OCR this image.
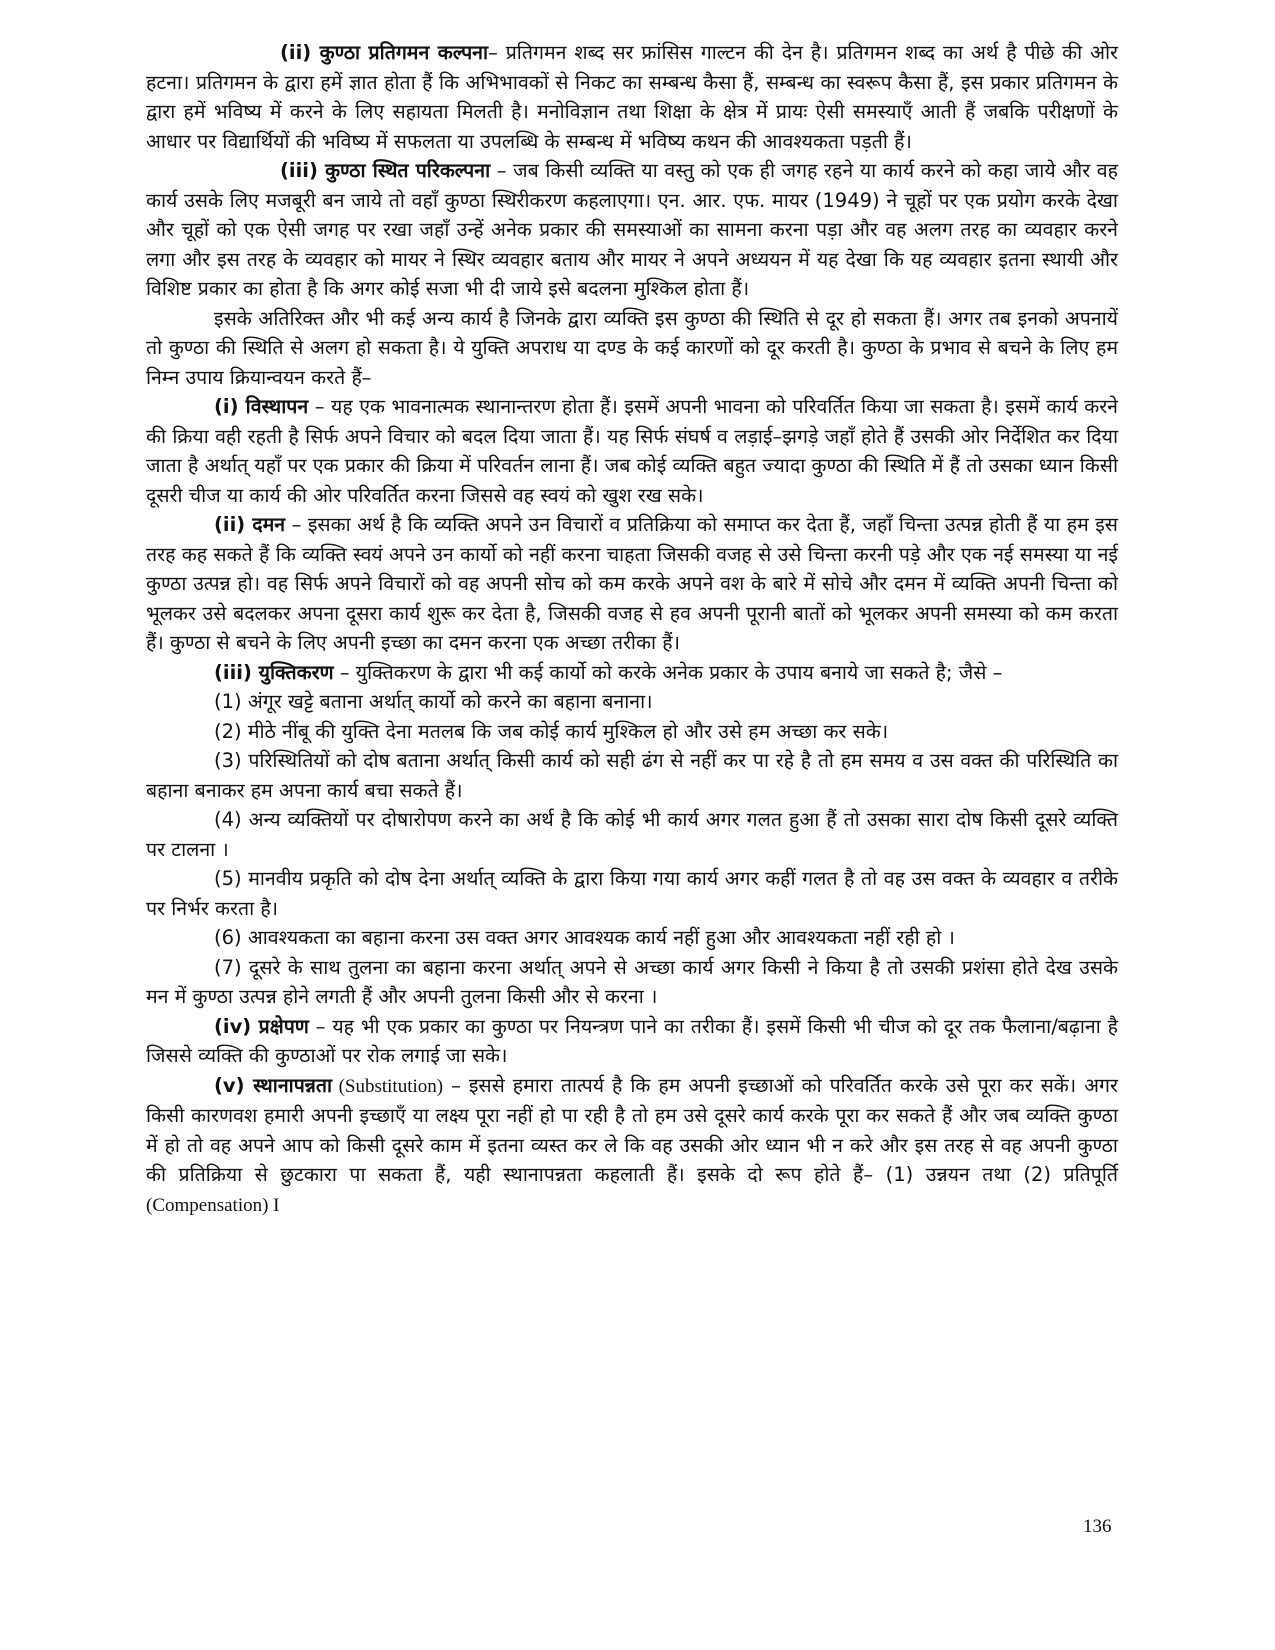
(ii) कुण्ठा प्रतिगमन कल्पना– प्रतिगमन शब्द सर फ्रांसिस गाल्टन की देन है। प्रतिगमन शब्द का अर्थ है पीछे की ओर हटना। प्रतिगमन के द्वारा हमें ज्ञात होता हैं कि अभिभावकों से निकट का सम्बन्ध कैसा हैं, सम्बन्ध का स्वरूप कैसा हैं, इस प्रकार प्रतिगमन के द्वारा हमें भविष्य में करने के लिए सहायता मिलती है। मनोविज्ञान तथा शिक्षा के क्षेत्र में प्रायः ऐसी समस्याएँ आती हैं जबकि परीक्षणों के आधार पर विद्यार्थियों की भविष्य में सफलता या उपलब्धि के सम्बन्ध में भविष्य कथन की आवश्यकता पड़ती हैं।

(iii) कुण्ठा स्थित परिकल्पना – जब किसी व्यक्ति या वस्तु को एक ही जगह रहने या कार्य करने को कहा जाये और वह कार्य उसके लिए मजबूरी बन जाये तो वहाँ कुण्ठा स्थिरीकरण कहलाएगा। एन. आर. एफ. मायर (1949) ने चूहों पर एक प्रयोग करके देखा और चूहों को एक ऐसी जगह पर रखा जहाँ उन्हें अनेक प्रकार की समस्याओं का सामना करना पड़ा और वह अलग तरह का व्यवहार करने लगा और इस तरह के व्यवहार को मायर ने स्थिर व्यवहार बताय और मायर ने अपने अध्ययन में यह देखा कि यह व्यवहार इतना स्थायी और विशिष्ट प्रकार का होता है कि अगर कोई सजा भी दी जाये इसे बदलना मुश्किल होता हैं।

इसके अतिरिक्त और भी कई अन्य कार्य है जिनके द्वारा व्यक्ति इस कुण्ठा की स्थिति से दूर हो सकता हैं। अगर तब इनको अपनायें तो कुण्ठा की स्थिति से अलग हो सकता है। ये युक्ति अपराध या दण्ड के कई कारणों को दूर करती है। कुण्ठा के प्रभाव से बचने के लिए हम निम्न उपाय क्रियान्वयन करते हैं–

(i) विस्थापन – यह एक भावनात्मक स्थानान्तरण होता हैं। इसमें अपनी भावना को परिवर्तित किया जा सकता है। इसमें कार्य करने की क्रिया वही रहती है सिर्फ अपने विचार को बदल दिया जाता हैं। यह सिर्फ संघर्ष व लड़ाई–झगड़े जहाँ होते हैं उसकी ओर निर्देशित कर दिया जाता है अर्थात् यहाँ पर एक प्रकार की क्रिया में परिवर्तन लाना हैं। जब कोई व्यक्ति बहुत ज्यादा कुण्ठा की स्थिति में हैं तो उसका ध्यान किसी दूसरी चीज या कार्य की ओर परिवर्तित करना जिससे वह स्वयं को खुश रख सके।

(ii) दमन – इसका अर्थ है कि व्यक्ति अपने उन विचारों व प्रतिक्रिया को समाप्त कर देता हैं, जहाँ चिन्ता उत्पन्न होती हैं या हम इस तरह कह सकते हैं कि व्यक्ति स्वयं अपने उन कार्यो को नहीं करना चाहता जिसकी वजह से उसे चिन्ता करनी पड़े और एक नई समस्या या नई कुण्ठा उत्पन्न हो। वह सिर्फ अपने विचारों को वह अपनी सोच को कम करके अपने वश के बारे में सोचे और दमन में व्यक्ति अपनी चिन्ता को भूलकर उसे बदलकर अपना दूसरा कार्य शुरू कर देता है, जिसकी वजह से हव अपनी पूरानी बातों को भूलकर अपनी समस्या को कम करता हैं। कुण्ठा से बचने के लिए अपनी इच्छा का दमन करना एक अच्छा तरीका हैं।

(iii) युक्तिकरण – युक्तिकरण के द्वारा भी कई कार्यो को करके अनेक प्रकार के उपाय बनाये जा सकते है; जैसे –

(1) अंगूर खट्टे बताना अर्थात् कार्यो को करने का बहाना बनाना।

(2) मीठे नींबू की युक्ति देना मतलब कि जब कोई कार्य मुश्किल हो और उसे हम अच्छा कर सके।

(3) परिस्थितियों को दोष बताना अर्थात् किसी कार्य को सही ढंग से नहीं कर पा रहे है तो हम समय व उस वक्त की परिस्थिति का बहाना बनाकर हम अपना कार्य बचा सकते हैं।

(4) अन्य व्यक्तियों पर दोषारोपण करने का अर्थ है कि कोई भी कार्य अगर गलत हुआ हैं तो उसका सारा दोष किसी दूसरे व्यक्ति पर टालना ।

(5) मानवीय प्रकृति को दोष देना अर्थात् व्यक्ति के द्वारा किया गया कार्य अगर कहीं गलत है तो वह उस वक्त के व्यवहार व तरीके पर निर्भर करता है।

(6) आवश्यकता का बहाना करना उस वक्त अगर आवश्यक कार्य नहीं हुआ और आवश्यकता नहीं रही हो ।

(7) दूसरे के साथ तुलना का बहाना करना अर्थात् अपने से अच्छा कार्य अगर किसी ने किया है तो उसकी प्रशंसा होते देख उसके मन में कुण्ठा उत्पन्न होने लगती हैं और अपनी तुलना किसी और से करना ।

(iv) प्रक्षेपण – यह भी एक प्रकार का कुण्ठा पर नियन्त्रण पाने का तरीका हैं। इसमें किसी भी चीज को दूर तक फैलाना/बढ़ाना है जिससे व्यक्ति की कुण्ठाओं पर रोक लगाई जा सके।

(v) स्थानापन्नता (Substitution) – इससे हमारा तात्पर्य है कि हम अपनी इच्छाओं को परिवर्तित करके उसे पूरा कर सकें। अगर किसी कारणवश हमारी अपनी इच्छाएँ या लक्ष्य पूरा नहीं हो पा रही है तो हम उसे दूसरे कार्य करके पूरा कर सकते हैं और जब व्यक्ति कुण्ठा में हो तो वह अपने आप को किसी दूसरे काम में इतना व्यस्त कर ले कि वह उसकी ओर ध्यान भी न करे और इस तरह से वह अपनी कुण्ठा की प्रतिक्रिया से छुटकारा पा सकता हैं, यही स्थानापन्नता कहलाती हैं। इसके दो रूप होते हैं– (1) उन्नयन तथा (2) प्रतिपूर्ति (Compensation) I

136
